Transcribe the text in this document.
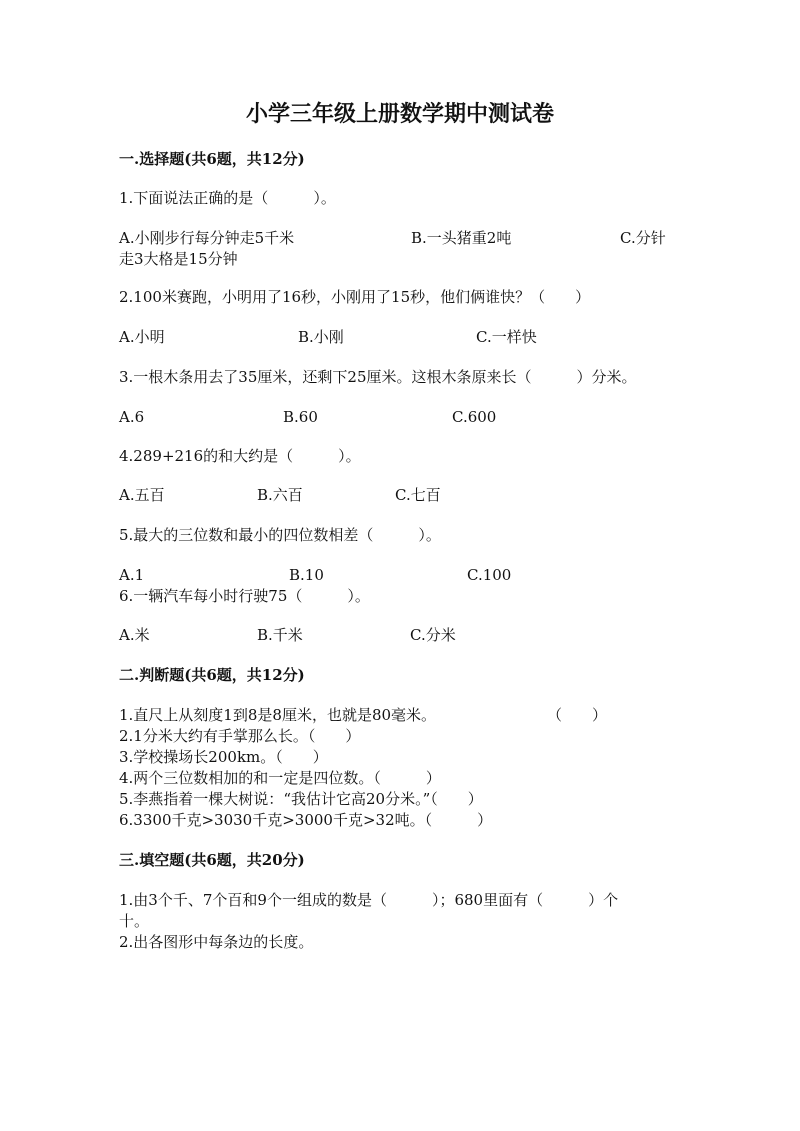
小学三年级上册数学期中测试卷
一.选择题(共6题，共12分)
1.下面说法正确的是（　　　）。
A.小刚步行每分钟走5千米	B.一头猪重2吨	C.分针
走3大格是15分钟
2.100米赛跑，小明用了16秒，小刚用了15秒，他们俩谁快？（　　）
A.小明	B.小刚	C.一样快
3.一根木条用去了35厘米，还剩下25厘米。这根木条原来长（　　　）分米。
A.6	B.60	C.600
4.289+216的和大约是（　　　）。
A.五百	B.六百	C.七百
5.最大的三位数和最小的四位数相差（　　　）。
A.1	B.10	C.100
6.一辆汽车每小时行驶75（　　　）。
A.米	B.千米	C.分米
二.判断题(共6题，共12分)
1.直尺上从刻度1到8是8厘米，也就是80毫米。	（　　）
2.1分米大约有手掌那么长。（　　）
3.学校操场长200km。（　　）
4.两个三位数相加的和一定是四位数。（　　　）
5.李燕指着一棵大树说：“我估计它高20分米。”（　　）
6.3300千克>3030千克>3000千克>32吨。（　　　）
三.填空题(共6题，共20分)
1.由3个千、7个百和9个一组成的数是（　　　）；680里面有（　　　）个
十。
2.出各图形中每条边的长度。
